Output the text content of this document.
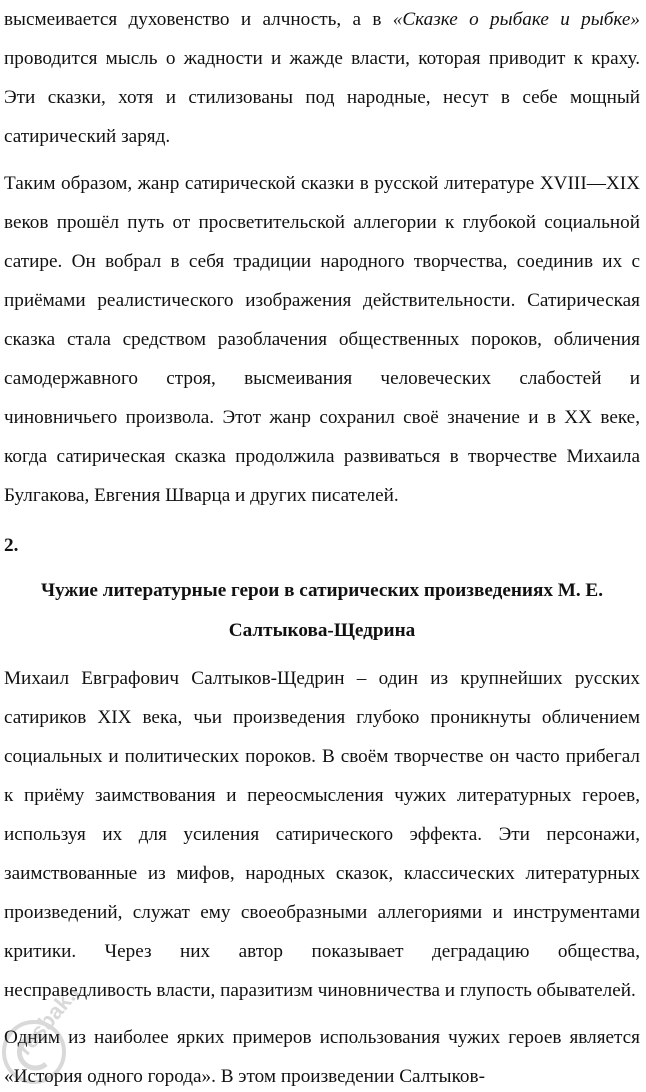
высмеивается духовенство и алчность, а в «Сказке о рыбаке и рыбке» проводится мысль о жадности и жажде власти, которая приводит к краху. Эти сказки, хотя и стилизованы под народные, несут в себе мощный сатирический заряд.

Таким образом, жанр сатирической сказки в русской литературе XVIII—XIX веков прошёл путь от просветительской аллегории к глубокой социальной сатире. Он вобрал в себя традиции народного творчества, соединив их с приёмами реалистического изображения действительности. Сатирическая сказка стала средством разоблачения общественных пороков, обличения самодержавного строя, высмеивания человеческих слабостей и чиновничьего произвола. Этот жанр сохранил своё значение и в XX веке, когда сатирическая сказка продолжила развиваться в творчестве Михаила Булгакова, Евгения Шварца и других писателей.

2.
Чужие литературные герои в сатирических произведениях М. Е.
Салтыкова-Щедрина

Михаил Евграфович Салтыков-Щедрин – один из крупнейших русских сатириков XIX века, чьи произведения глубоко проникнуты обличением социальных и политических пороков. В своём творчестве он часто прибегал к приёму заимствования и переосмысления чужих литературных героев, используя их для усиления сатирического эффекта. Эти персонажи, заимствованные из мифов, народных сказок, классических литературных произведений, служат ему своеобразными аллегориями и инструментами критики. Через них автор показывает деградацию общества, несправедливость власти, паразитизм чиновничества и глупость обывателей.

Одним из наиболее ярких примеров использования чужих героев является «История одного города». В этом произведении Салтыков-

resbak.ru
